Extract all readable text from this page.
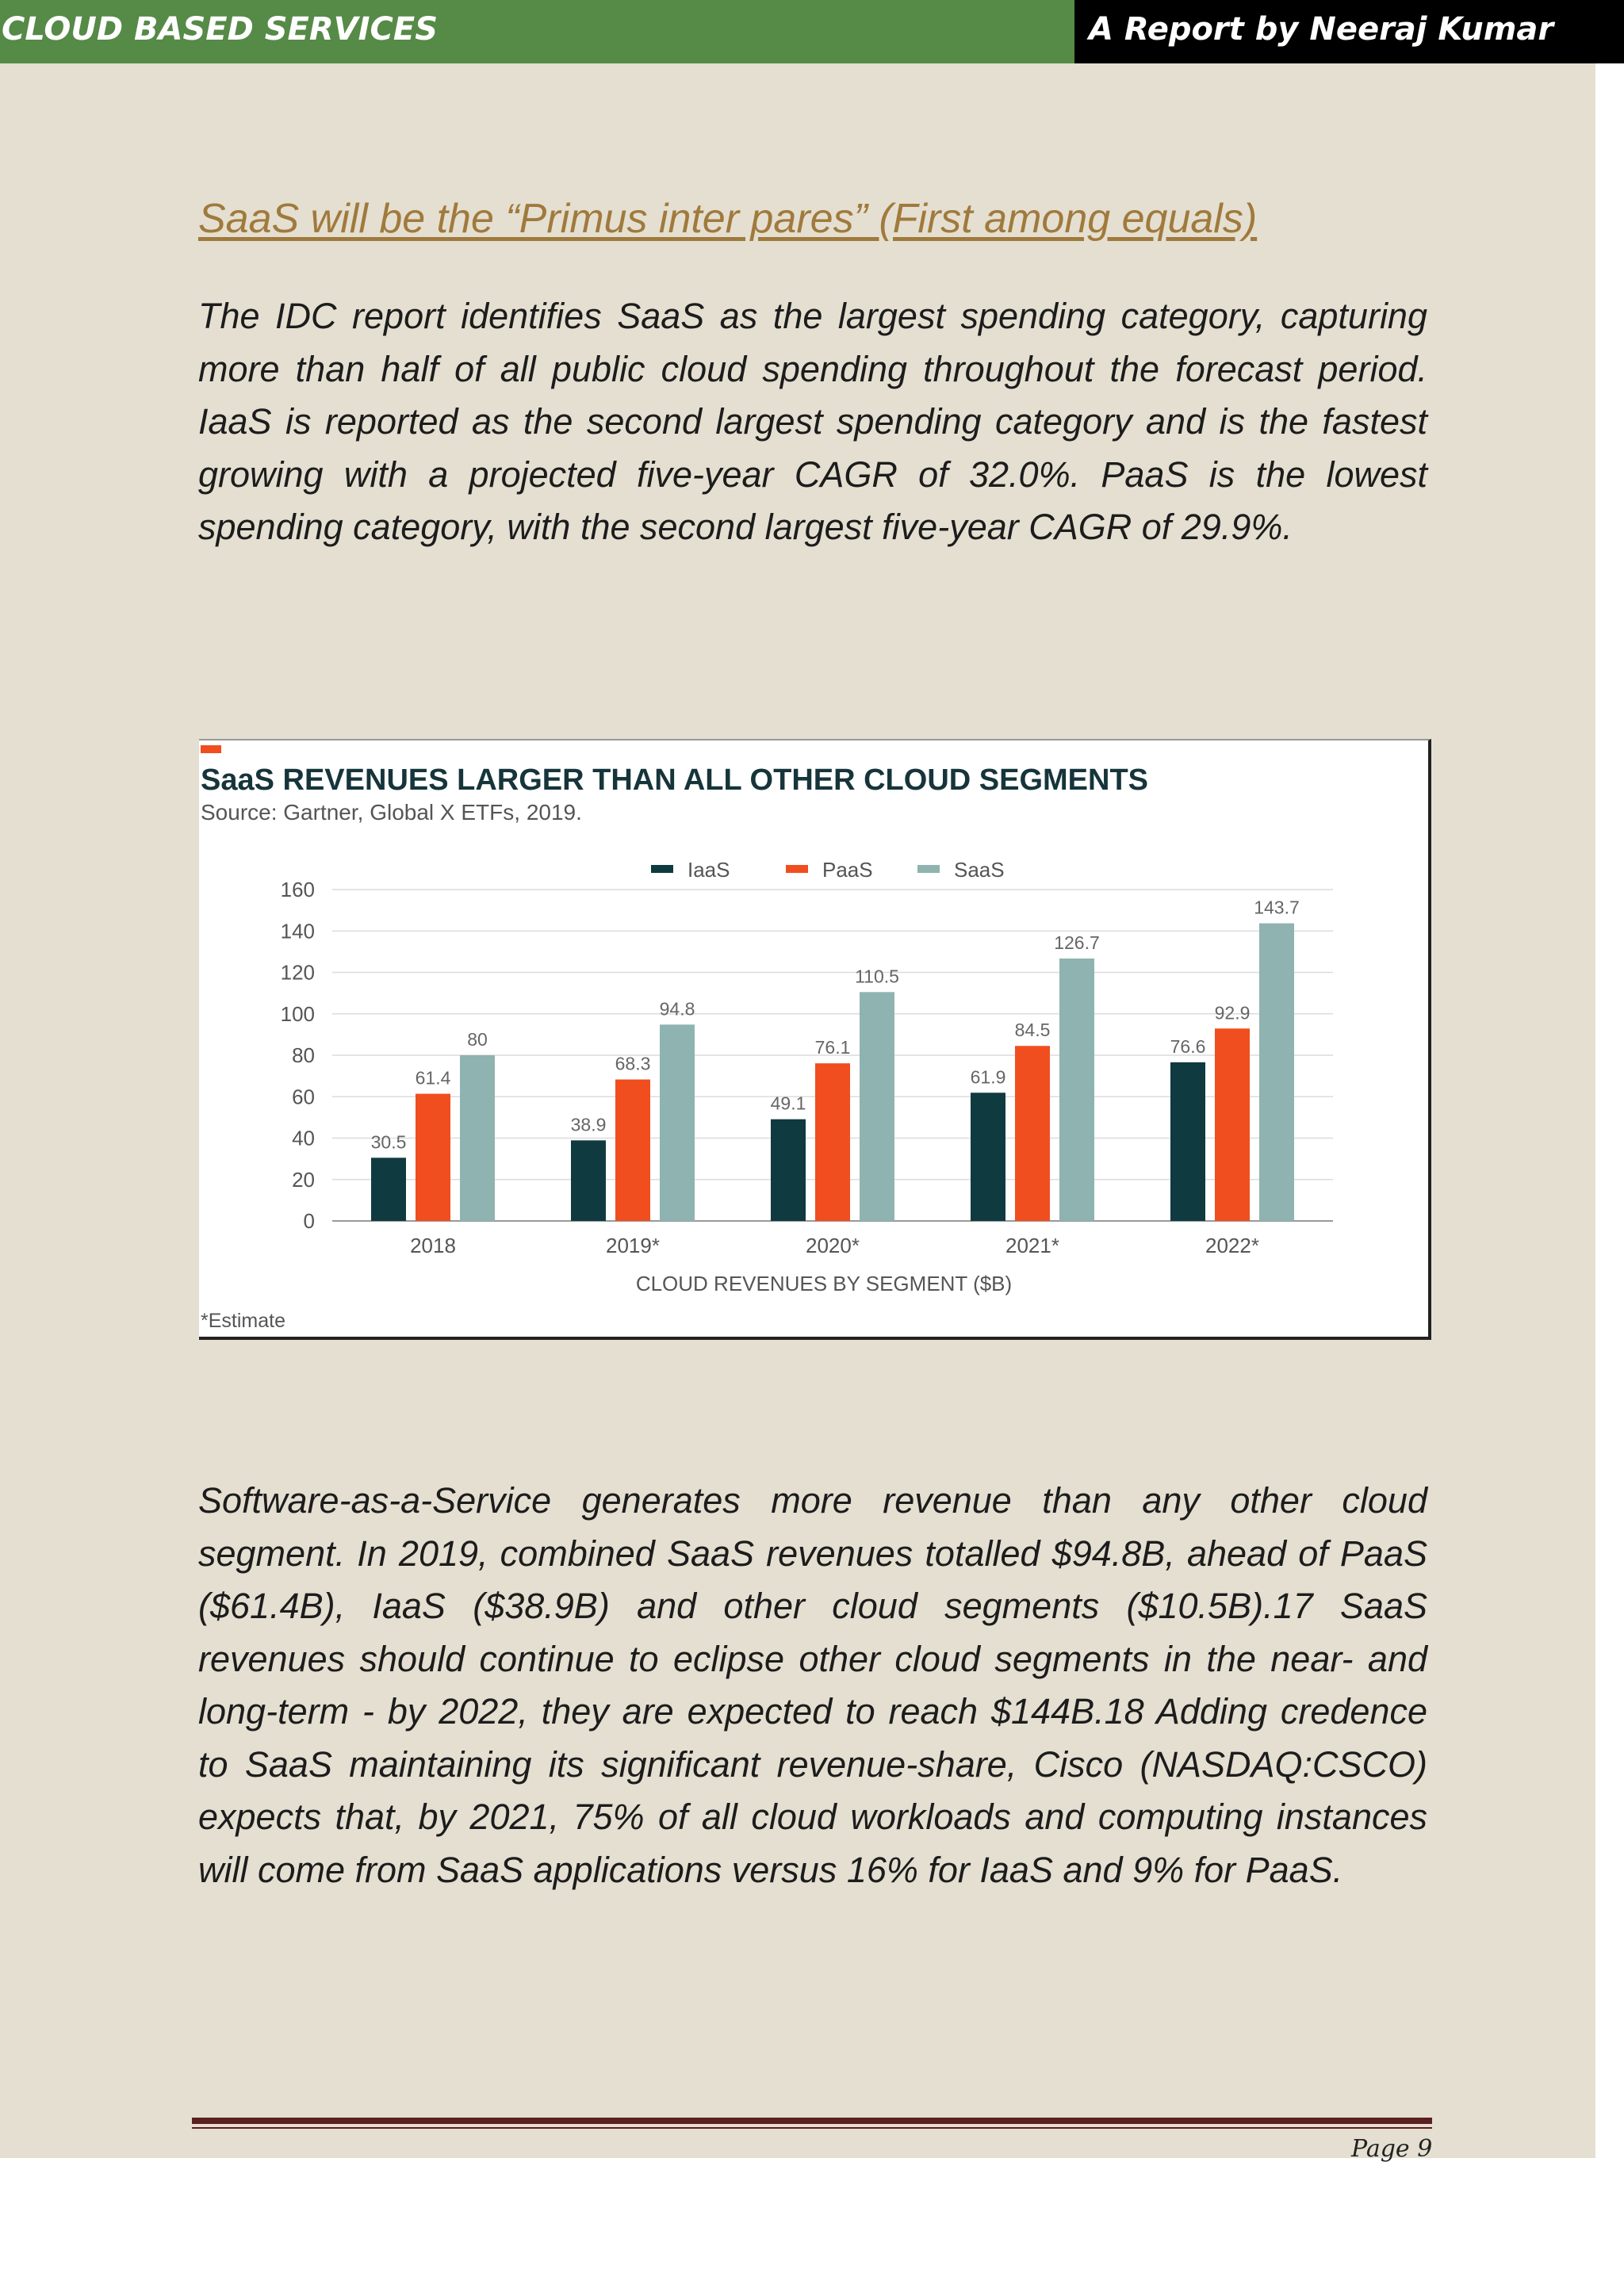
CLOUD BASED SERVICES	A Report by Neeraj Kumar
SaaS will be the “Primus inter pares” (First among equals)

The IDC report identifies SaaS as the largest spending category, capturing more than half of all public cloud spending throughout the forecast period. IaaS is reported as the second largest spending category and is the fastest growing with a projected five-year CAGR of 32.0%. PaaS is the lowest spending category, with the second largest five-year CAGR of 29.9%.

SaaS REVENUES LARGER THAN ALL OTHER CLOUD SEGMENTS
Source: Gartner, Global X ETFs, 2019.
IaaS	PaaS	SaaS
0
20
40
60
80
100
120
140
160
30.5
61.4
80
38.9
68.3
94.8
49.1
76.1
110.5
61.9
84.5
126.7
76.6
92.9
143.7
2018	2019*	2020*	2021*	2022*
CLOUD REVENUES BY SEGMENT ($B)
*Estimate

Software-as-a-Service generates more revenue than any other cloud segment. In 2019, combined SaaS revenues totalled $94.8B, ahead of PaaS ($61.4B), IaaS ($38.9B) and other cloud segments ($10.5B).17 SaaS revenues should continue to eclipse other cloud segments in the near- and long-term - by 2022, they are expected to reach $144B.18 Adding credence to SaaS maintaining its significant revenue-share, Cisco (NASDAQ:CSCO) expects that, by 2021, 75% of all cloud workloads and computing instances will come from SaaS applications versus 16% for IaaS and 9% for PaaS.

Page 9
